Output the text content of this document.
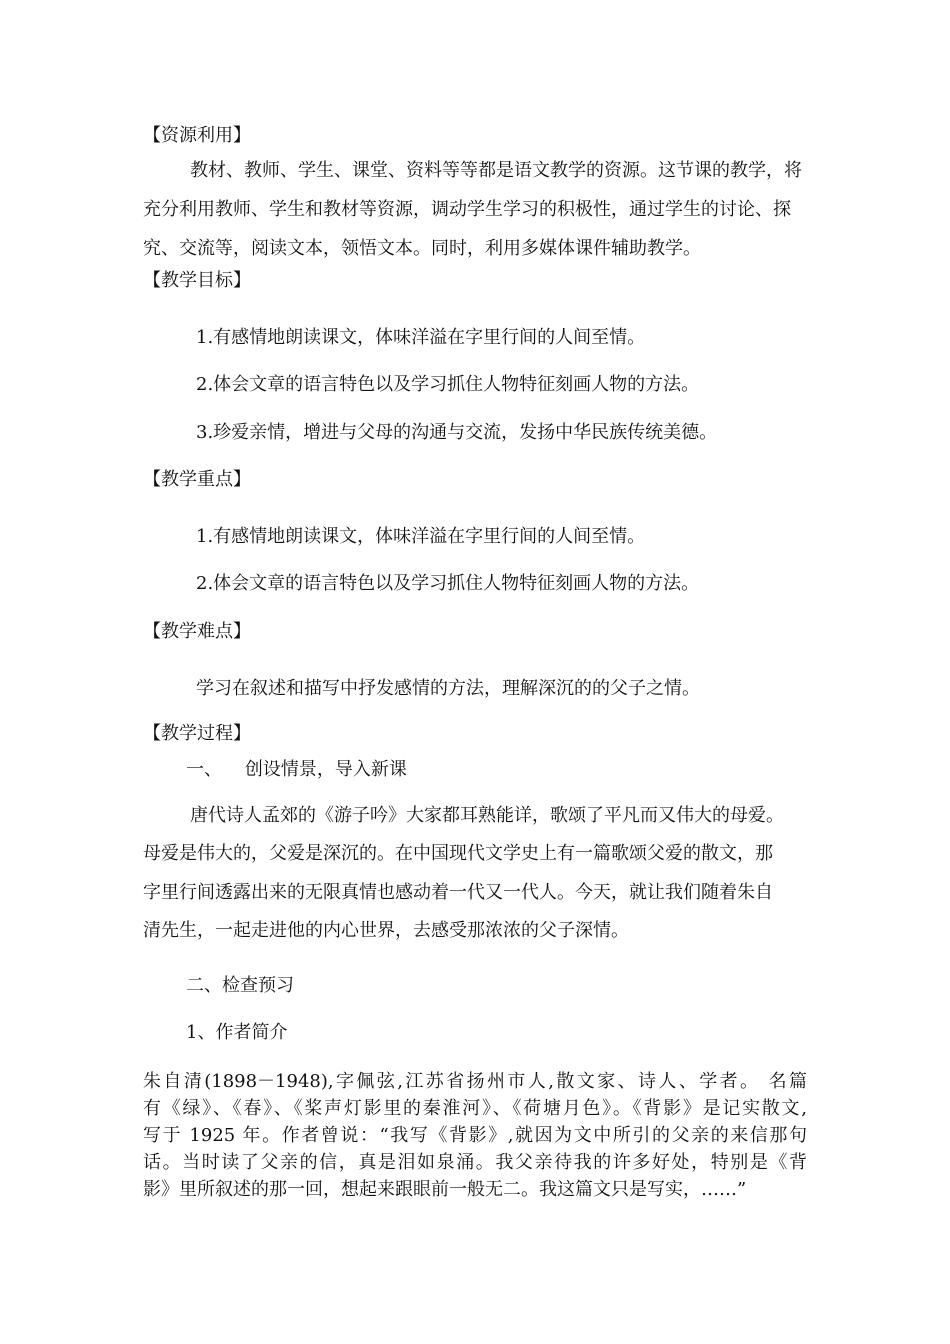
【资源利用】
教材、教师、学生、课堂、资料等等都是语文教学的资源。这节课的教学，将
充分利用教师、学生和教材等资源，调动学生学习的积极性，通过学生的讨论、探
究、交流等，阅读文本，领悟文本。同时，利用多媒体课件辅助教学。
【教学目标】
1.有感情地朗读课文，体味洋溢在字里行间的人间至情。
2.体会文章的语言特色以及学习抓住人物特征刻画人物的方法。
3.珍爱亲情，增进与父母的沟通与交流，发扬中华民族传统美德。
【教学重点】
1.有感情地朗读课文，体味洋溢在字里行间的人间至情。
2.体会文章的语言特色以及学习抓住人物特征刻画人物的方法。
【教学难点】
学习在叙述和描写中抒发感情的方法，理解深沉的的父子之情。
【教学过程】
一、    创设情景，导入新课
唐代诗人孟郊的《游子吟》大家都耳熟能详，歌颂了平凡而又伟大的母爱。
母爱是伟大的，父爱是深沉的。在中国现代文学史上有一篇歌颂父爱的散文，那
字里行间透露出来的无限真情也感动着一代又一代人。今天，就让我们随着朱自
清先生，一起走进他的内心世界，去感受那浓浓的父子深情。
二、检查预习
1、作者简介
朱自清(1898－1948),字佩弦,江苏省扬州市人,散文家、诗人、学者。 名篇
有《绿》、《春》、《桨声灯影里的秦淮河》、《荷塘月色》。《背影》是记实散文,
写于 1925 年。作者曾说：“我写《背影》,就因为文中所引的父亲的来信那句
话。当时读了父亲的信，真是泪如泉涌。我父亲待我的许多好处，特别是《背
影》里所叙述的那一回，想起来跟眼前一般无二。我这篇文只是写实，……”
